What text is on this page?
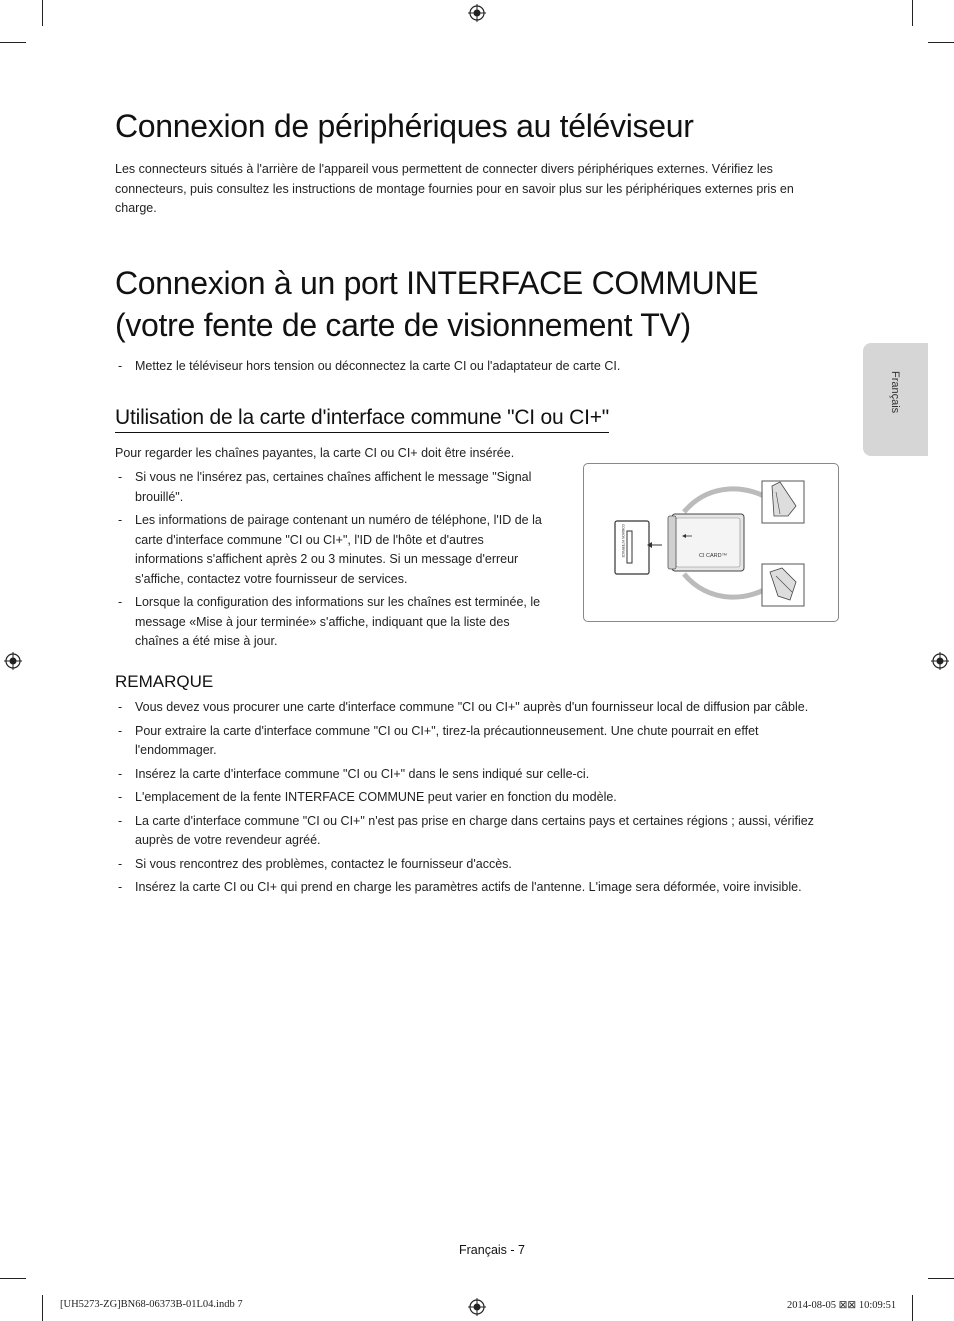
Connexion de périphériques au téléviseur

Les connecteurs situés à l'arrière de l'appareil vous permettent de connecter divers périphériques externes. Vérifiez les connecteurs, puis consultez les instructions de montage fournies pour en savoir plus sur les périphériques externes pris en charge.

Connexion à un port INTERFACE COMMUNE
(votre fente de carte de visionnement TV)
- Mettez le téléviseur hors tension ou déconnectez la carte CI ou l'adaptateur de carte CI.
Utilisation de la carte d'interface commune "CI ou CI+"

Pour regarder les chaînes payantes, la carte CI ou CI+ doit être insérée.

- Si vous ne l'insérez pas, certaines chaînes affichent le message "Signal brouillé".
- Les informations de pairage contenant un numéro de téléphone, l'ID de la carte d'interface commune "CI ou CI+", l'ID de l'hôte et d'autres informations s'affichent après 2 ou 3 minutes. Si un message d'erreur s'affiche, contactez votre fournisseur de services.
- Lorsque la configuration des informations sur les chaînes est terminée, le message «Mise à jour terminée» s'affiche, indiquant que la liste des chaînes a été mise à jour.
COMMON INTERFACE	CI CARD™
REMARQUE
- Vous devez vous procurer une carte d'interface commune "CI ou CI+" auprès d'un fournisseur local de diffusion par câble.
- Pour extraire la carte d'interface commune "CI ou CI+", tirez-la précautionneusement. Une chute pourrait en effet l'endommager.
- Insérez la carte d'interface commune "CI ou CI+" dans le sens indiqué sur celle-ci.
- L'emplacement de la fente INTERFACE COMMUNE peut varier en fonction du modèle.
- La carte d'interface commune "CI ou CI+" n'est pas prise en charge dans certains pays et certaines régions ; aussi, vérifiez auprès de votre revendeur agréé.
- Si vous rencontrez des problèmes, contactez le fournisseur d'accès.
- Insérez la carte CI ou CI+ qui prend en charge les paramètres actifs de l'antenne. L'image sera déformée, voire invisible.
Français
Français - 7
[UH5273-ZG]BN68-06373B-01L04.indb 7	2014-08-05 ⊠⊠ 10:09:51
